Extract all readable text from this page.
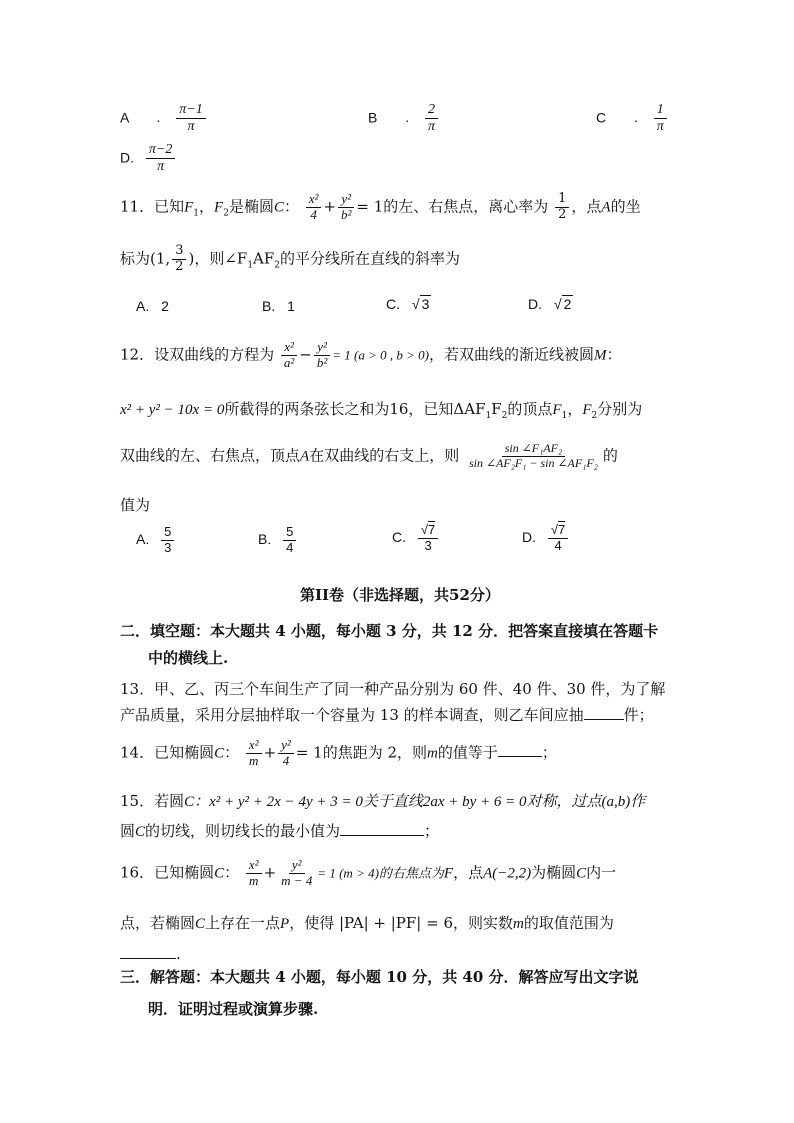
A . $\frac{\pi-1}{\pi}$	B . $\frac{2}{\pi}$	C . $\frac{1}{\pi}$
D. $\frac{\pi-2}{\pi}$
11．已知$F_1$，$F_2$是椭圆C： $\frac{\text{x²}}{4} + \frac{\text{y²}}{\text{b²}} = 1$的左、右焦点，离心率为 $\frac{1}{2}$ ，点A的坐
标为(1, $\frac{3}{2}$ )，则$\angle F_1AF_2$的平分线所在直线的斜率为
A. 2	B. 1	C. √ 3	D. √ 2
12．设双曲线的方程为 $\frac{\text{x²}}{\text{a²}} - \frac{\text{y²}}{\text{b²}} = 1$ (a > 0 , b > 0)，若双曲线的渐近线被圆M：
x² + y² − 10x = 0所截得的两条弦长之和为16，已知$\Delta AF_1F_2$的顶点$F_1$，$F_2$分别为
双曲线的左、右焦点，顶点A在双曲线的右支上，则 $\frac{\text{sin ∠F₁AF₂}}{\text{sin ∠AF₂F₁ − sin ∠AF₁F₂}}$ 的
值为
A. $\frac{5}{3}$	B. $\frac{5}{4}$	C. $\frac{√7}{3}$	D. $\frac{√7}{4}$
第II卷（非选择题，共52分）
二．填空题：本大题共 4 小题，每小题 3 分，共 12 分．把答案直接填在答题卡
中的横线上.
13．甲、乙、丙三个车间生产了同一种产品分别为 60 件、40 件、30 件，为了解
产品质量，采用分层抽样取一个容量为 13 的样本调查，则乙车间应抽	件；
14．已知椭圆C： $\frac{\text{x²}}{m} + \frac{\text{y²}}{4} = 1$的焦距为 2，则m的值等于	；
15．若圆C：x² + y² + 2x − 4y + 3 = 0关于直线2ax + by + 6 = 0对称，过点(a,b)作
圆C的切线，则切线长的最小值为	；
16．已知椭圆C： $\frac{\text{x²}}{m} + \frac{\text{y²}}{m - 4} = 1$ (m > 4)的右焦点为F，点A(−2,2)为椭圆C内一
点，若椭圆C上存在一点P，使得 |PA| + |PF| = 6，则实数m的取值范围为
.
三．解答题：本大题共 4 小题，每小题 10 分，共 40 分．解答应写出文字说
明．证明过程或演算步骤.
